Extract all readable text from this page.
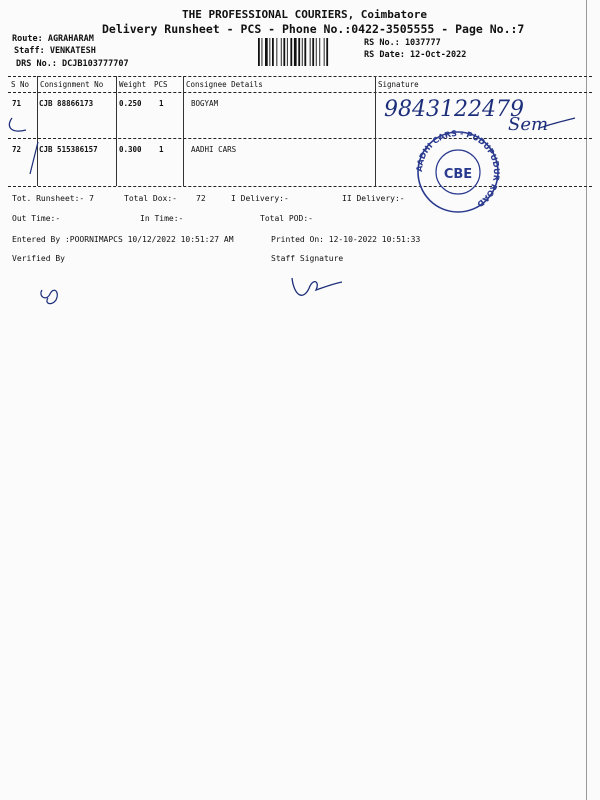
THE PROFESSIONAL COURIERS, Coimbatore
Delivery Runsheet - PCS - Phone No.:0422-3505555 - Page No.:7
Route: AGRAHARAM
Staff: VENKATESH
DRS No.: DCJB103777707
RS No.: 1037777
RS Date: 12-Oct-2022
S No Consignment No Weight PCS Consignee Details	Signature
71 CJB 88866173	0.250 1	BOGYAM
72 CJB 515386157	0.300 1	AADHI CARS
9843122479
Sem
AADHI CARS - PUDUPUDUR ROAD
CBE
Tot. Runsheet:- 7	Total Dox:- 72	I Delivery:-	II Delivery:-
Out Time:-	In Time:-	Total POD:-
Entered By :POORNIMAPCS 10/12/2022 10:51:27 AM	Printed On: 12-10-2022 10:51:33
Verified By	Staff Signature
